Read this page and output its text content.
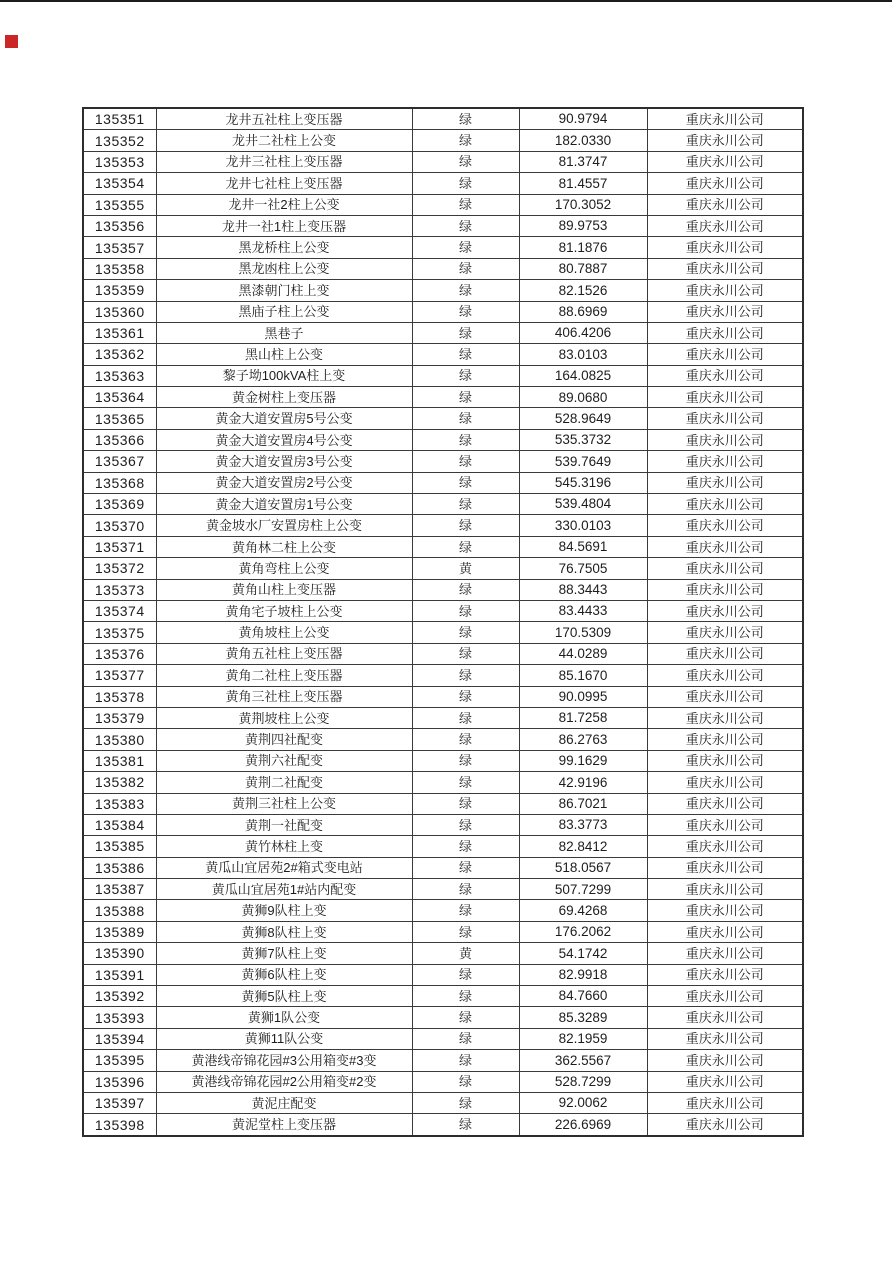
135351	龙井五社柱上变压器	绿	90.9794	重庆永川公司
135352	龙井二社柱上公变	绿	182.0330	重庆永川公司
135353	龙井三社柱上变压器	绿	81.3747	重庆永川公司
135354	龙井七社柱上变压器	绿	81.4557	重庆永川公司
135355	龙井一社2柱上公变	绿	170.3052	重庆永川公司
135356	龙井一社1柱上变压器	绿	89.9753	重庆永川公司
135357	黑龙桥柱上公变	绿	81.1876	重庆永川公司
135358	黑龙凼柱上公变	绿	80.7887	重庆永川公司
135359	黑漆朝门柱上变	绿	82.1526	重庆永川公司
135360	黑庙子柱上公变	绿	88.6969	重庆永川公司
135361	黑巷子	绿	406.4206	重庆永川公司
135362	黑山柱上公变	绿	83.0103	重庆永川公司
135363	黎子坳100kVA柱上变	绿	164.0825	重庆永川公司
135364	黄金树柱上变压器	绿	89.0680	重庆永川公司
135365	黄金大道安置房5号公变	绿	528.9649	重庆永川公司
135366	黄金大道安置房4号公变	绿	535.3732	重庆永川公司
135367	黄金大道安置房3号公变	绿	539.7649	重庆永川公司
135368	黄金大道安置房2号公变	绿	545.3196	重庆永川公司
135369	黄金大道安置房1号公变	绿	539.4804	重庆永川公司
135370	黄金坡水厂安置房柱上公变	绿	330.0103	重庆永川公司
135371	黄角林二柱上公变	绿	84.5691	重庆永川公司
135372	黄角弯柱上公变	黄	76.7505	重庆永川公司
135373	黄角山柱上变压器	绿	88.3443	重庆永川公司
135374	黄角宅子坡柱上公变	绿	83.4433	重庆永川公司
135375	黄角坡柱上公变	绿	170.5309	重庆永川公司
135376	黄角五社柱上变压器	绿	44.0289	重庆永川公司
135377	黄角二社柱上变压器	绿	85.1670	重庆永川公司
135378	黄角三社柱上变压器	绿	90.0995	重庆永川公司
135379	黄荆坡柱上公变	绿	81.7258	重庆永川公司
135380	黄荆四社配变	绿	86.2763	重庆永川公司
135381	黄荆六社配变	绿	99.1629	重庆永川公司
135382	黄荆二社配变	绿	42.9196	重庆永川公司
135383	黄荆三社柱上公变	绿	86.7021	重庆永川公司
135384	黄荆一社配变	绿	83.3773	重庆永川公司
135385	黄竹林柱上变	绿	82.8412	重庆永川公司
135386	黄瓜山宜居苑2#箱式变电站	绿	518.0567	重庆永川公司
135387	黄瓜山宜居苑1#站内配变	绿	507.7299	重庆永川公司
135388	黄狮9队柱上变	绿	69.4268	重庆永川公司
135389	黄狮8队柱上变	绿	176.2062	重庆永川公司
135390	黄狮7队柱上变	黄	54.1742	重庆永川公司
135391	黄狮6队柱上变	绿	82.9918	重庆永川公司
135392	黄狮5队柱上变	绿	84.7660	重庆永川公司
135393	黄狮1队公变	绿	85.3289	重庆永川公司
135394	黄狮11队公变	绿	82.1959	重庆永川公司
135395	黄港线帝锦花园#3公用箱变#3变	绿	362.5567	重庆永川公司
135396	黄港线帝锦花园#2公用箱变#2变	绿	528.7299	重庆永川公司
135397	黄泥庄配变	绿	92.0062	重庆永川公司
135398	黄泥堂柱上变压器	绿	226.6969	重庆永川公司
